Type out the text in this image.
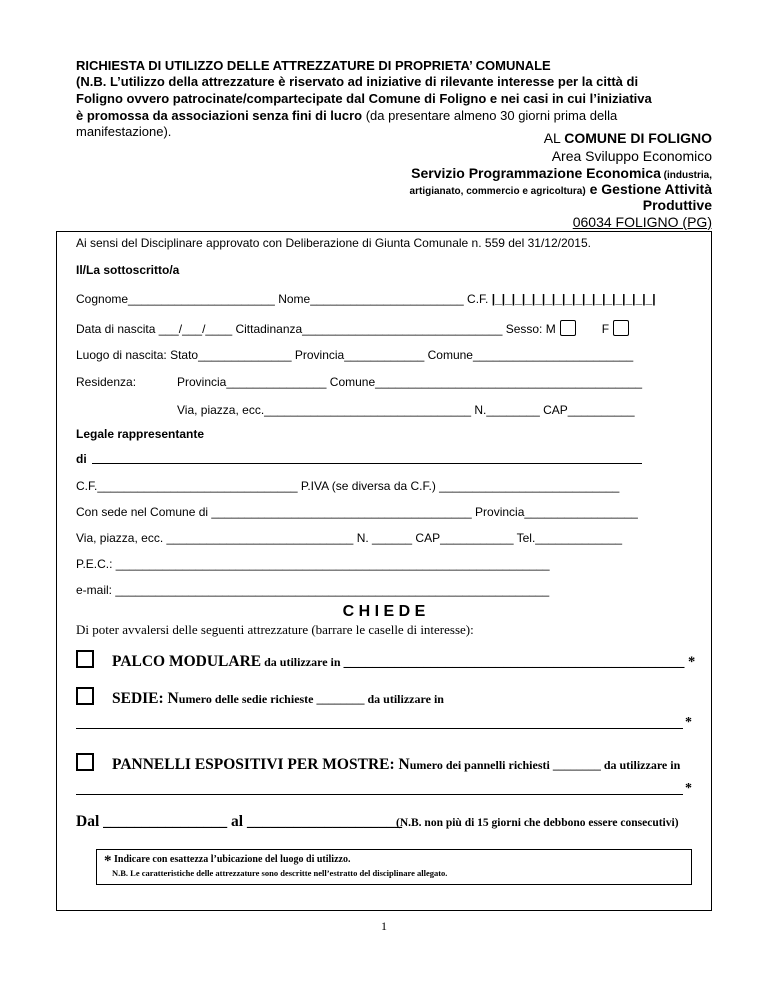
RICHIESTA DI UTILIZZO DELLE ATTREZZATURE DI PROPRIETA’ COMUNALE
(N.B. L’utilizzo della attrezzature è riservato ad iniziative di rilevante interesse per la città di
Foligno ovvero patrocinate/compartecipate dal Comune di Foligno e nei casi in cui l’iniziativa
è promossa da associazioni senza fini di lucro (da presentare almeno 30 giorni prima della
manifestazione).	AL COMUNE DI FOLIGNO
Area Sviluppo Economico
Servizio Programmazione Economica (industria,
artigianato, commercio e agricoltura) e Gestione Attività
Produttive
06034 FOLIGNO (PG)
Ai sensi del Disciplinare approvato con Deliberazione di Giunta Comunale n. 559 del 31/12/2015.
Il/La sottoscritto/a
Cognome______________________ Nome_______________________ C.F. |_|_|_|_|_|_|_|_|_|_|_|_|_|_|_|_|
Data di nascita ___/___/____ Cittadinanza______________________________ Sesso: M	F
Luogo di nascita: Stato______________ Provincia____________ Comune________________________
Residenza:	Provincia_______________ Comune________________________________________
Via, piazza, ecc._______________________________ N.________ CAP__________
Legale rappresentante
di
C.F.______________________________ P.IVA (se diversa da C.F.) ___________________________
Con sede nel Comune di _______________________________________ Provincia_________________
Via, piazza, ecc. ____________________________ N. ______ CAP___________ Tel._____________
P.E.C.: _________________________________________________________________
e-mail: _________________________________________________________________
C H I E D E
Di poter avvalersi delle seguenti attrezzature (barrare le caselle di interesse):
PALCO MODULARE da utilizzare in _______________________________________________ *
SEDIE: Numero delle sedie richieste ________ da utilizzare in
*
PANNELLI ESPOSITIVI PER MOSTRE: Numero dei pannelli richiesti ________ da utilizzare in
*
Dal ________________ al ____________________
(N.B. non più di 15 giorni che debbono essere consecutivi)
* Indicare con esattezza l’ubicazione del luogo di utilizzo.
N.B. Le caratteristiche delle attrezzature sono descritte nell’estratto del disciplinare allegato.
1
